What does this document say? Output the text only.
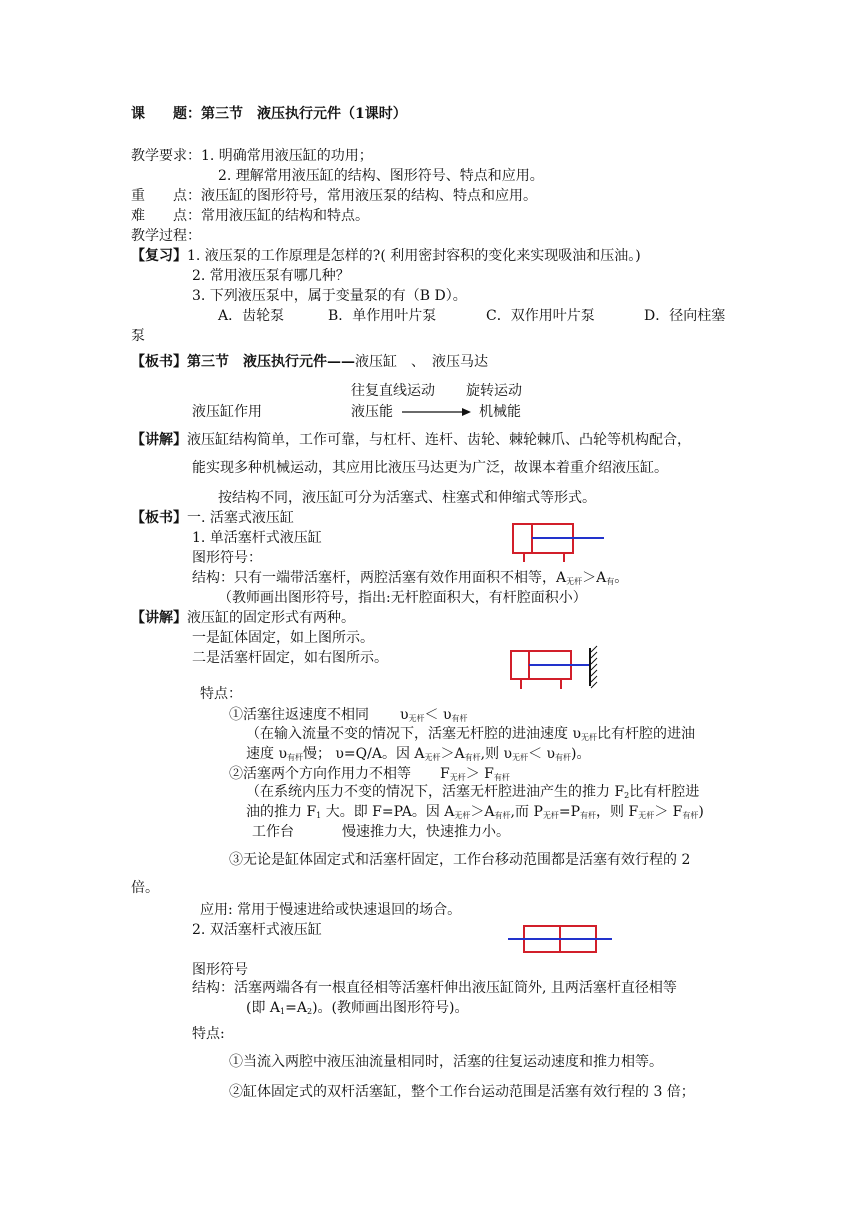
课　　题：第三节　液压执行元件（1课时）
教学要求：1. 明确常用液压缸的功用；
2. 理解常用液压缸的结构、图形符号、特点和应用。
重　　点：液压缸的图形符号，常用液压泵的结构、特点和应用。
难　　点：常用液压缸的结构和特点。
教学过程：
【复习】1. 液压泵的工作原理是怎样的?( 利用密封容积的变化来实现吸油和压油。)
2. 常用液压泵有哪几种？
3. 下列液压泵中，属于变量泵的有（B D）。
A．齿轮泵	B．单作用叶片泵	C．双作用叶片泵	D．径向柱塞
泵
【板书】第三节　液压执行元件——液压缸　、　液压马达
往复直线运动 旋转运动
液压缸作用	液压能	机械能
【讲解】液压缸结构简单，工作可靠，与杠杆、连杆、齿轮、棘轮棘爪、凸轮等机构配合，
能实现多种机械运动，其应用比液压马达更为广泛，故课本着重介绍液压缸。
按结构不同，液压缸可分为活塞式、柱塞式和伸缩式等形式。
【板书】一. 活塞式液压缸
1. 单活塞杆式液压缸
图形符号：
结构：只有一端带活塞杆，两腔活塞有效作用面积不相等，$A_{无杆}>A_有$。
（教师画出图形符号，指出:无杆腔面积大，有杆腔面积小）
【讲解】液压缸的固定形式有两种。
一是缸体固定，如上图所示。
二是活塞杆固定，如右图所示。
特点：
①活塞往返速度不相同 $\upsilon_{无杆}< \upsilon_{有杆}$
（在输入流量不变的情况下，活塞无杆腔的进油速度 $\upsilon_{无杆}$比有杆腔的进油
速度 $\upsilon_{有杆}$慢； υ=Q/A。因 $A_{无杆}>A_{有杆}$,则 $\upsilon_{无杆}< \upsilon_{有杆}$)。
②活塞两个方向作用力不相等 $F_{无杆}> F_{有杆}$
（在系统内压力不变的情况下，活塞无杆腔进油产生的推力 $F_2$比有杆腔进
油的推力 $F_1$ 大。即 F=PA。因 $A_{无杆}>A_{有杆}$,而 $P_{无杆}=P_{有杆}$，则 $F_{无杆}> F_{有杆}$)
工作台	慢速推力大，快速推力小。
③无论是缸体固定式和活塞杆固定，工作台移动范围都是活塞有效行程的 2
倍。
应用: 常用于慢速进给或快速退回的场合。
2. 双活塞杆式液压缸
图形符号
结构：活塞两端各有一根直径相等活塞杆伸出液压缸筒外, 且两活塞杆直径相等
(即 $A_1=A_2$)。(教师画出图形符号)。
特点:
①当流入两腔中液压油流量相同时，活塞的往复运动速度和推力相等。
②缸体固定式的双杆活塞缸，整个工作台运动范围是活塞有效行程的 3 倍；
